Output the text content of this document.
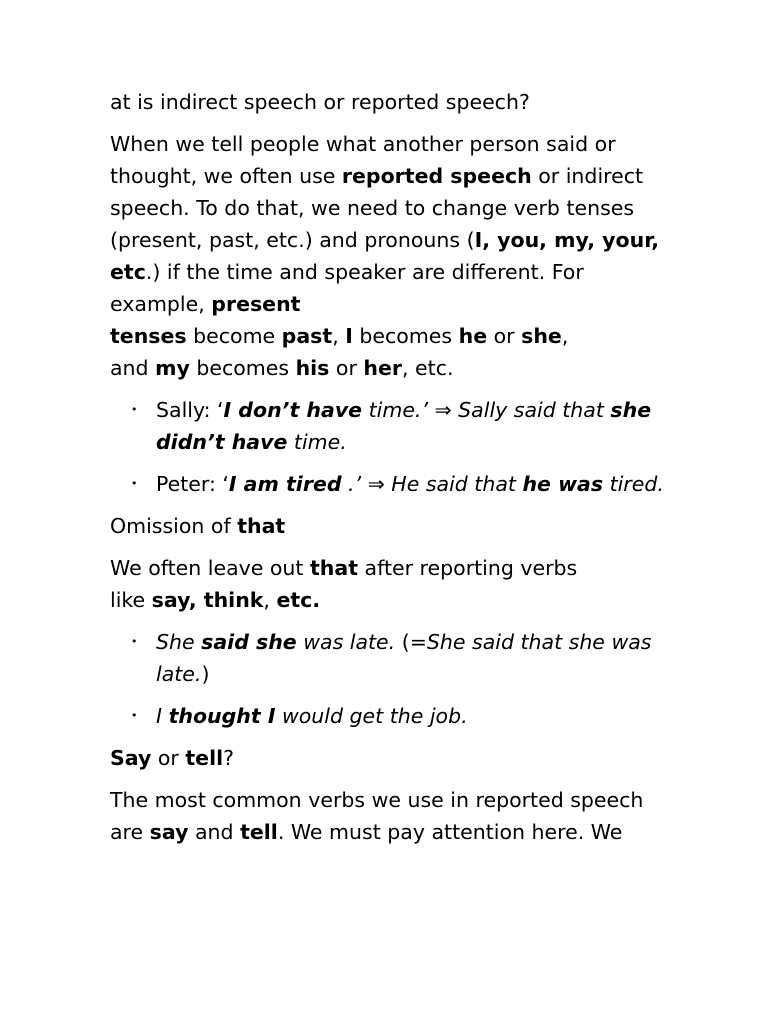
at is indirect speech or reported speech?

When we tell people what another person said or thought, we often use reported speech or indirect speech. To do that, we need to change verb tenses (present, past, etc.) and pronouns (I, you, my, your, etc.) if the time and speaker are different. For example, present
tenses become past, I becomes he or she,
and my becomes his or her, etc.

• Sally: ‘I don’t have time.’ ⇒ Sally said that she didn’t have time.
• Peter: ‘I am tired .’ ⇒ He said that he was tired.

Omission of that

We often leave out that after reporting verbs
like say, think, etc.

• She said she was late. (=She said that she was late.)
• I thought I would get the job.

Say or tell?

The most common verbs we use in reported speech are say and tell. We must pay attention here. We
